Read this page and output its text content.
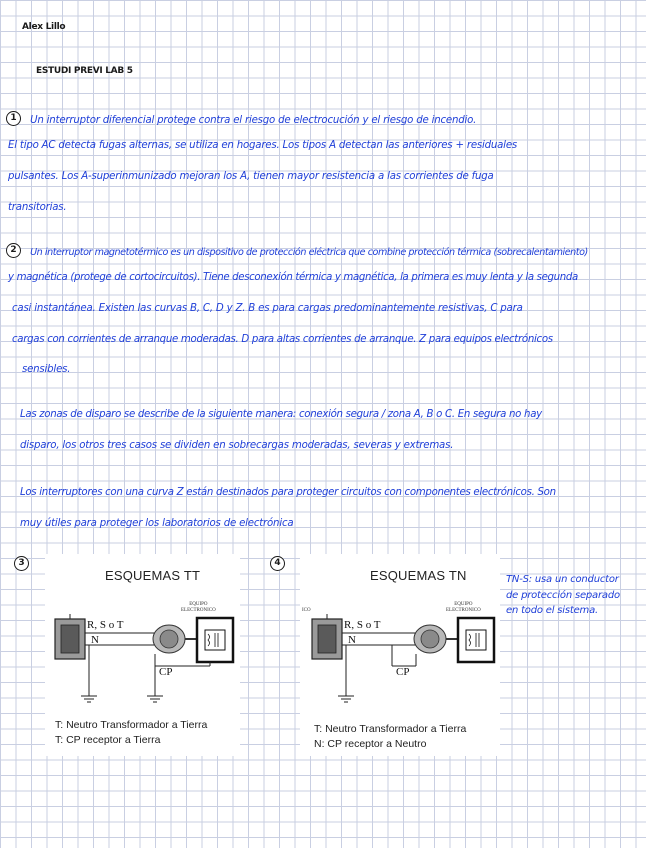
Alex Lillo
ESTUDI PREVI LAB 5
1 Un interruptor diferencial protege contra el riesgo de electrocución y el riesgo de incendio.
El tipo AC detecta fugas alternas, se utiliza en hogares. Los tipos A detectan las anteriores + residuales
pulsantes. Los A-superinmunizado mejoran los A, tienen mayor resistencia a las corrientes de fuga
transitorias.
2 Un interruptor magnetotérmico es un dispositivo de protección eléctrica que combine protección térmica (sobrecalentamiento)
y magnética (protege de cortocircuitos). Tiene desconexión térmica y magnética, la primera es muy lenta y la segunda
casi instantánea. Existen las curvas B, C, D y Z. B es para cargas predominantemente resistivas, C para
cargas con corrientes de arranque moderadas. D para altas corrientes de arranque. Z para equipos electrónicos
sensibles.
Las zonas de disparo se describe de la siguiente manera: conexión segura / zona A, B o C. En segura no hay
disparo, los otros tres casos se dividen en sobrecargas moderadas, severas y extremas.
Los interruptores con una curva Z están destinados para proteger circuitos con componentes electrónicos. Son
muy útiles para proteger los laboratorios de electrónica
3
ESQUEMAS TT
EQUIPO
ELECTRONICO
R, S o T
N
CP
T: Neutro Transformador a Tierra
T: CP receptor a Tierra
4
ESQUEMAS TN
ICO
EQUIPO
ELECTRONICO
R, S o T
N
CP
T: Neutro Transformador a Tierra
N: CP receptor a Neutro
TN-S: usa un conductor
de protección separado
en todo el sistema.
